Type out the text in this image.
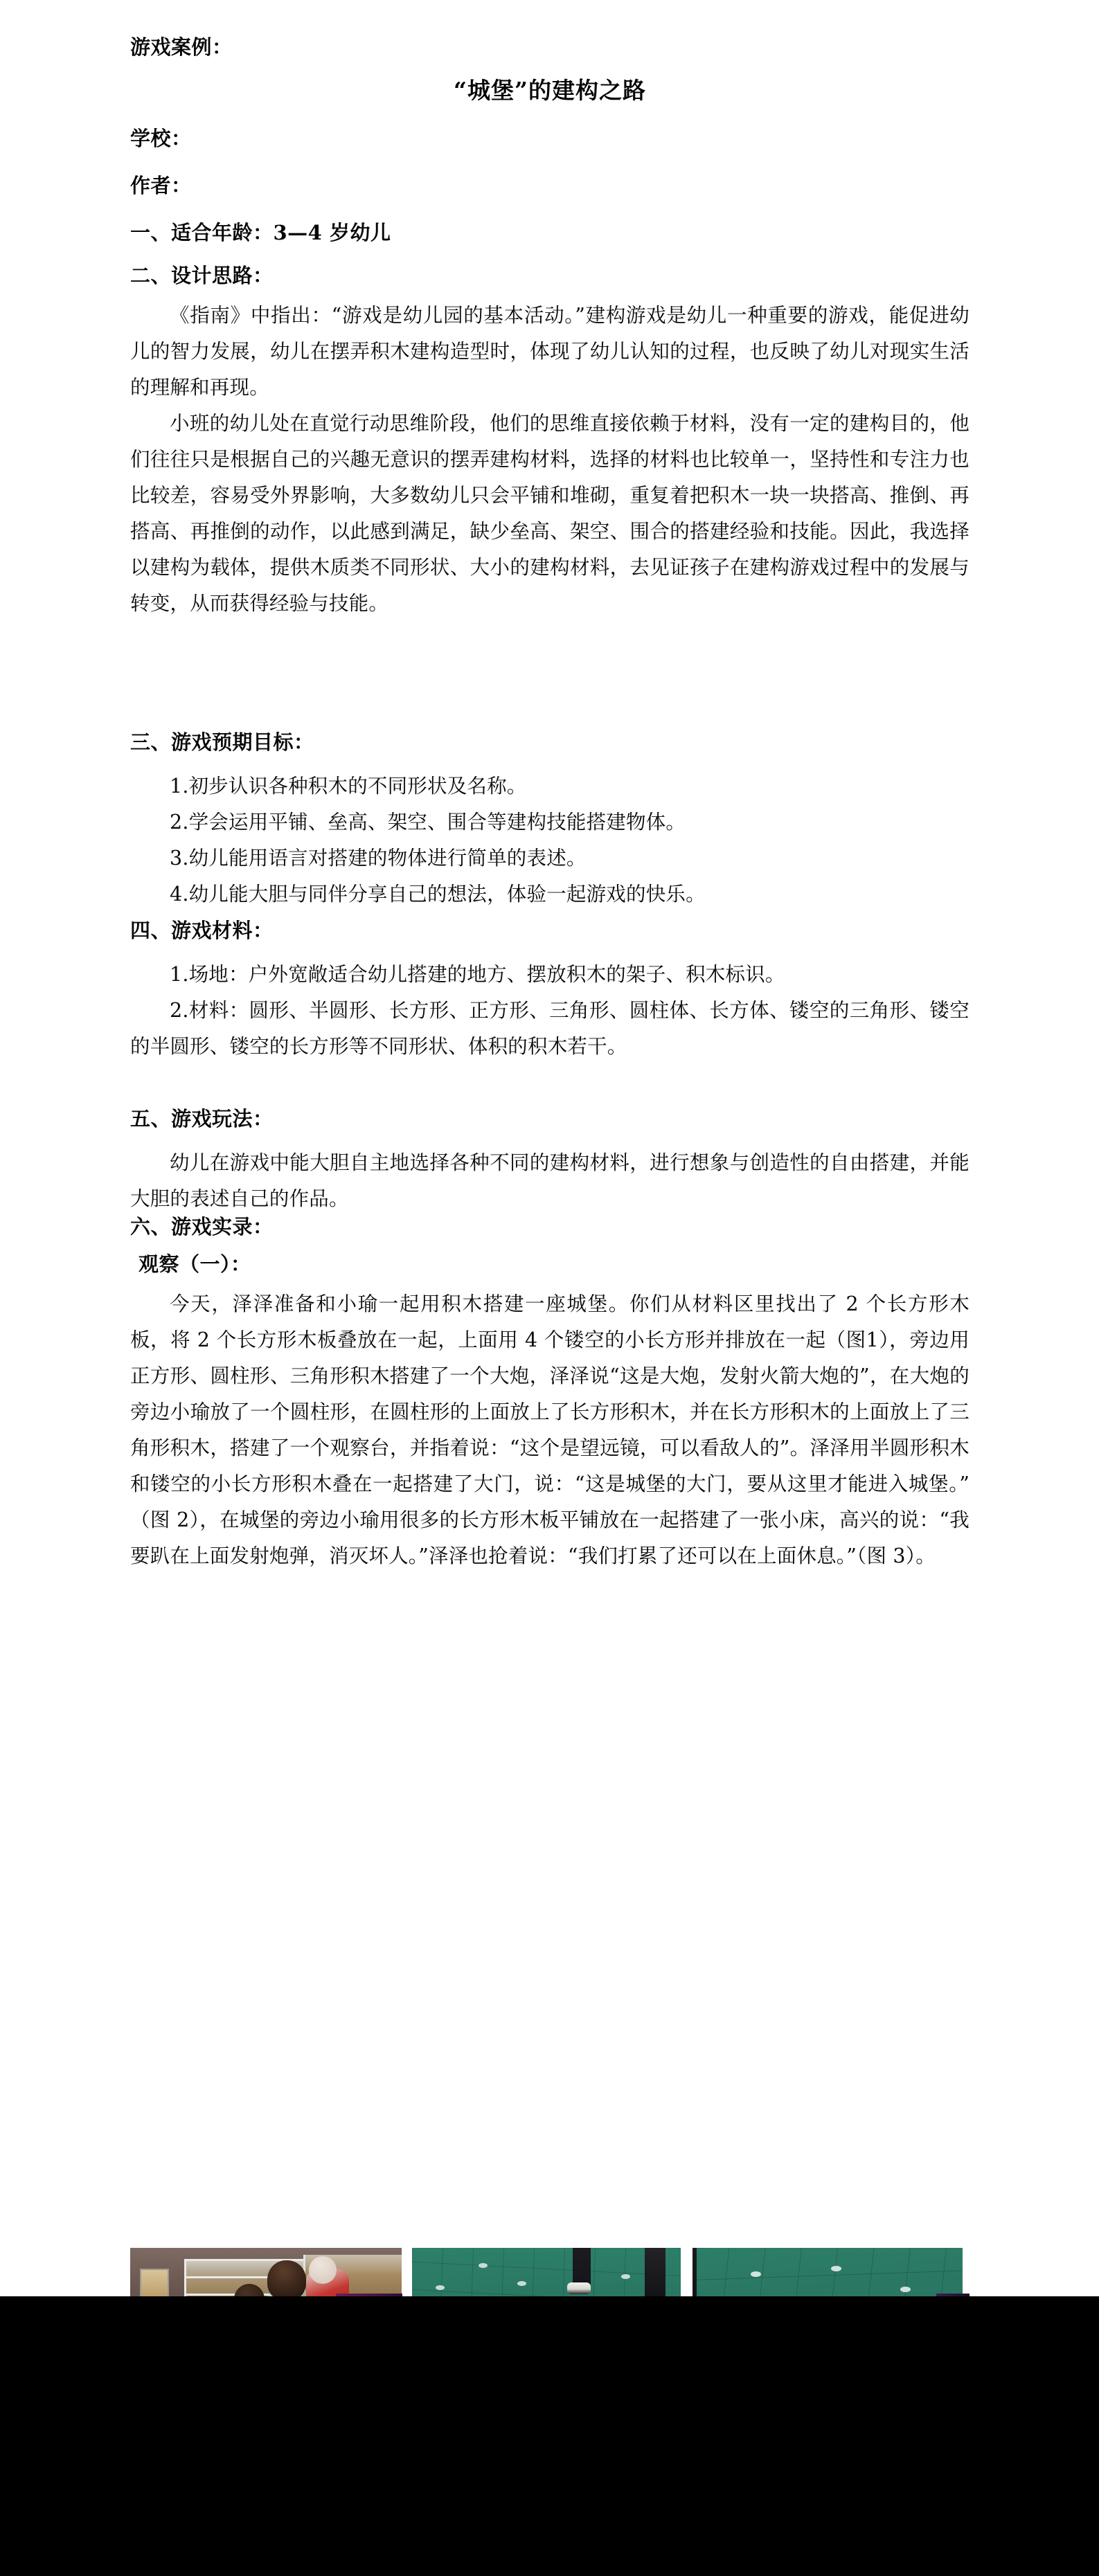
游戏案例：
“城堡”的建构之路
学校：
作者：
一、适合年龄：3—4 岁幼儿
二、设计思路：
《指南》中指出：“游戏是幼儿园的基本活动。”建构游戏是幼儿一种重要的游戏，能促进幼儿的智力发展，幼儿在摆弄积木建构造型时，体现了幼儿认知的过程，也反映了幼儿对现实生活的理解和再现。
小班的幼儿处在直觉行动思维阶段，他们的思维直接依赖于材料，没有一定的建构目的，他们往往只是根据自己的兴趣无意识的摆弄建构材料，选择的材料也比较单一，坚持性和专注力也比较差，容易受外界影响，大多数幼儿只会平铺和堆砌，重复着把积木一块一块搭高、推倒、再搭高、再推倒的动作，以此感到满足，缺少垒高、架空、围合的搭建经验和技能。因此，我选择以建构为载体，提供木质类不同形状、大小的建构材料，去见证孩子在建构游戏过程中的发展与转变，从而获得经验与技能。
三、游戏预期目标：
1.初步认识各种积木的不同形状及名称。
2.学会运用平铺、垒高、架空、围合等建构技能搭建物体。
3.幼儿能用语言对搭建的物体进行简单的表述。
4.幼儿能大胆与同伴分享自己的想法，体验一起游戏的快乐。
四、游戏材料：
1.场地：户外宽敞适合幼儿搭建的地方、摆放积木的架子、积木标识。
2.材料：圆形、半圆形、长方形、正方形、三角形、圆柱体、长方体、镂空的三角形、镂空的半圆形、镂空的长方形等不同形状、体积的积木若干。
五、游戏玩法：
幼儿在游戏中能大胆自主地选择各种不同的建构材料，进行想象与创造性的自由搭建，并能大胆的表述自己的作品。
六、游戏实录：
观察（一）：
今天，泽泽准备和小瑜一起用积木搭建一座城堡。你们从材料区里找出了 2 个长方形木板，将 2 个长方形木板叠放在一起，上面用 4 个镂空的小长方形并排放在一起（图1），旁边用正方形、圆柱形、三角形积木搭建了一个大炮，泽泽说“这是大炮，发射火箭大炮的”，在大炮的旁边小瑜放了一个圆柱形，在圆柱形的上面放上了长方形积木，并在长方形积木的上面放上了三角形积木，搭建了一个观察台，并指着说：“这个是望远镜，可以看敌人的”。泽泽用半圆形积木和镂空的小长方形积木叠在一起搭建了大门，说：“这是城堡的大门，要从这里才能进入城堡。”（图 2），在城堡的旁边小瑜用很多的长方形木板平铺放在一起搭建了一张小床，高兴的说：“我要趴在上面发射炮弹，消灭坏人。”泽泽也抢着说：“我们打累了还可以在上面休息。”（图 3）。
